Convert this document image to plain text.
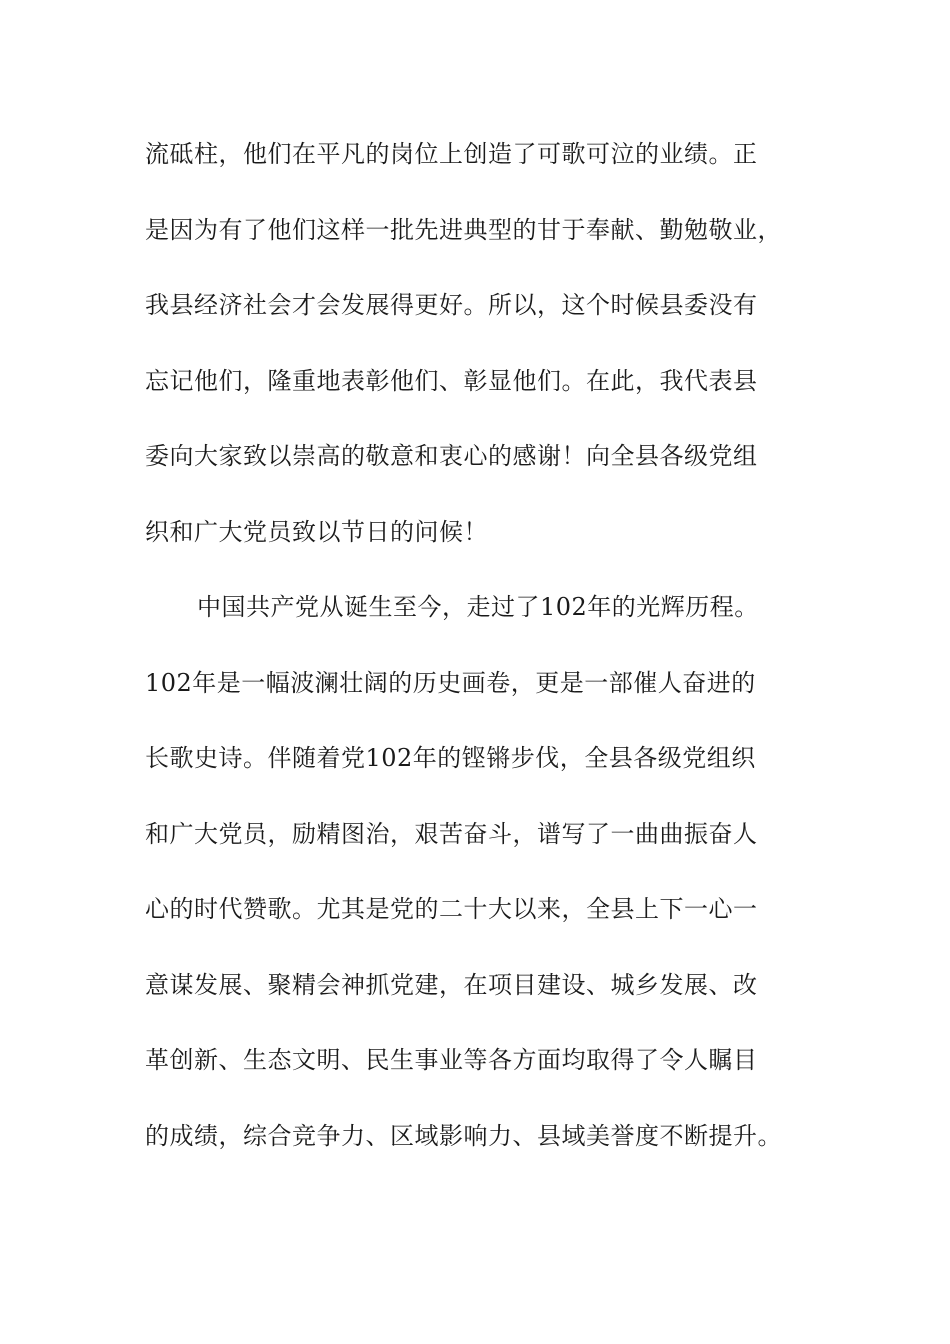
流砥柱，他们在平凡的岗位上创造了可歌可泣的业绩。正
是因为有了他们这样一批先进典型的甘于奉献、勤勉敬业，
我县经济社会才会发展得更好。所以，这个时候县委没有
忘记他们，隆重地表彰他们、彰显他们。在此，我代表县
委向大家致以崇高的敬意和衷心的感谢！向全县各级党组
织和广大党员致以节日的问候！
中国共产党从诞生至今，走过了102年的光辉历程。
102年是一幅波澜壮阔的历史画卷，更是一部催人奋进的
长歌史诗。伴随着党102年的铿锵步伐，全县各级党组织
和广大党员，励精图治，艰苦奋斗，谱写了一曲曲振奋人
心的时代赞歌。尤其是党的二十大以来，全县上下一心一
意谋发展、聚精会神抓党建，在项目建设、城乡发展、改
革创新、生态文明、民生事业等各方面均取得了令人瞩目
的成绩，综合竞争力、区域影响力、县域美誉度不断提升。
